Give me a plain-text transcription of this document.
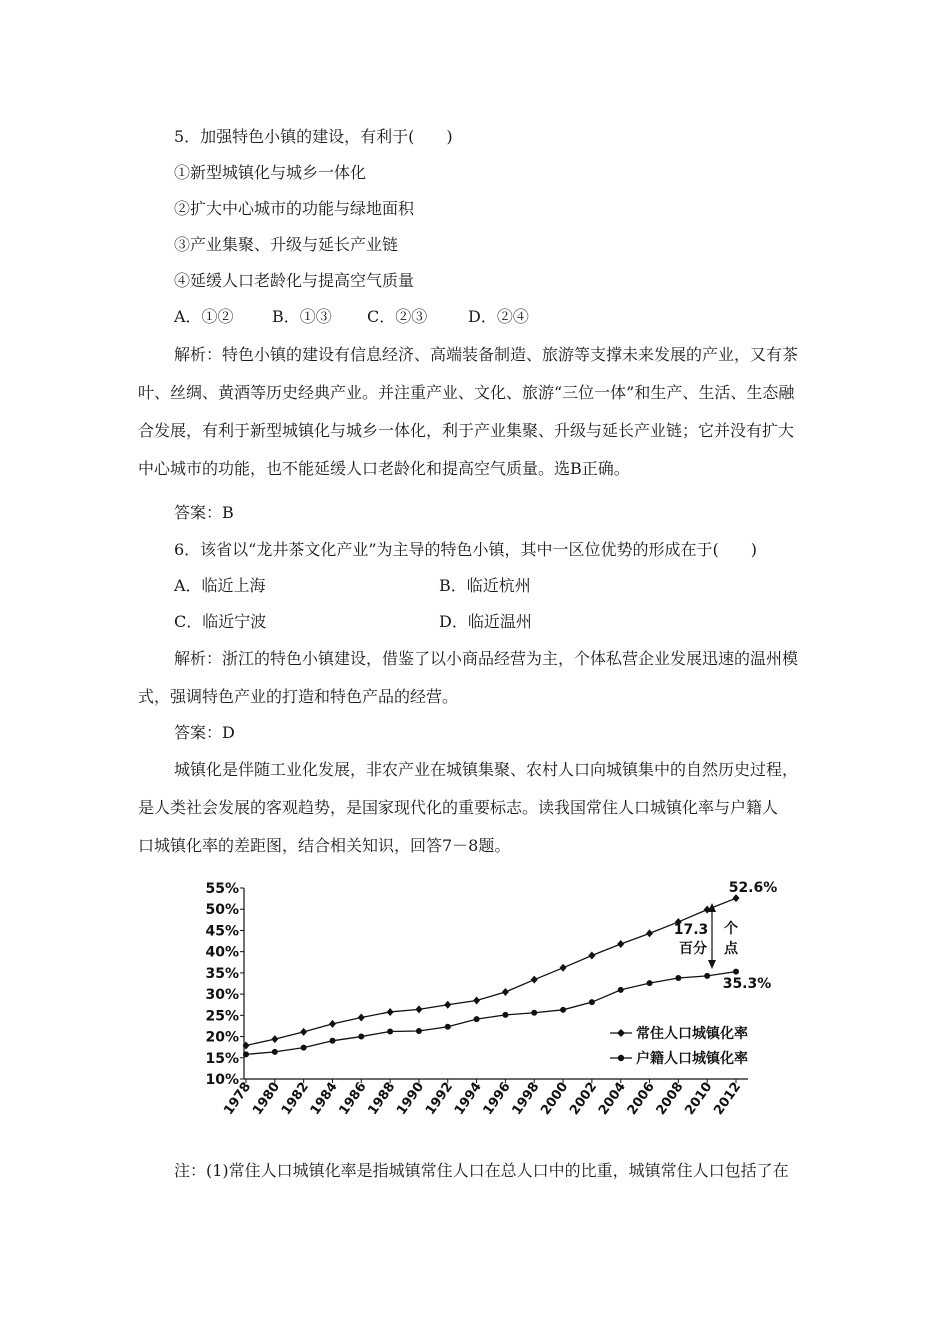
5．加强特色小镇的建设，有利于(　　)
①新型城镇化与城乡一体化
②扩大中心城市的功能与绿地面积
③产业集聚、升级与延长产业链
④延缓人口老龄化与提高空气质量
A．①② B．①③ C．②③	D．②④
解析：特色小镇的建设有信息经济、高端装备制造、旅游等支撑未来发展的产业，又有茶
叶、丝绸、黄酒等历史经典产业。并注重产业、文化、旅游“三位一体”和生产、生活、生态融
合发展，有利于新型城镇化与城乡一体化，利于产业集聚、升级与延长产业链；它并没有扩大
中心城市的功能，也不能延缓人口老龄化和提高空气质量。选B正确。
答案：B
6．该省以“龙井茶文化产业”为主导的特色小镇，其中一区位优势的形成在于(　　)
A．临近上海	B．临近杭州
C．临近宁波	D．临近温州
解析：浙江的特色小镇建设，借鉴了以小商品经营为主，个体私营企业发展迅速的温州模
式，强调特色产业的打造和特色产品的经营。
答案：D
城镇化是伴随工业化发展，非农产业在城镇集聚、农村人口向城镇集中的自然历史过程，
是人类社会发展的客观趋势，是国家现代化的重要标志。读我国常住人口城镇化率与户籍人
口城镇化率的差距图，结合相关知识，回答7－8题。
10%
15%
20%
25%
30%
35%
40%
45%
50%
55%
1978
1980
1982
1984
1986
1988
1990
1992
1994
1996
1998
2000
2002
2004
2006
2008
2010
2012
52.6%
35.3%
17.3 个
百分 点
常住人口城镇化率
户籍人口城镇化率
注：(1)常住人口城镇化率是指城镇常住人口在总人口中的比重，城镇常住人口包括了在
